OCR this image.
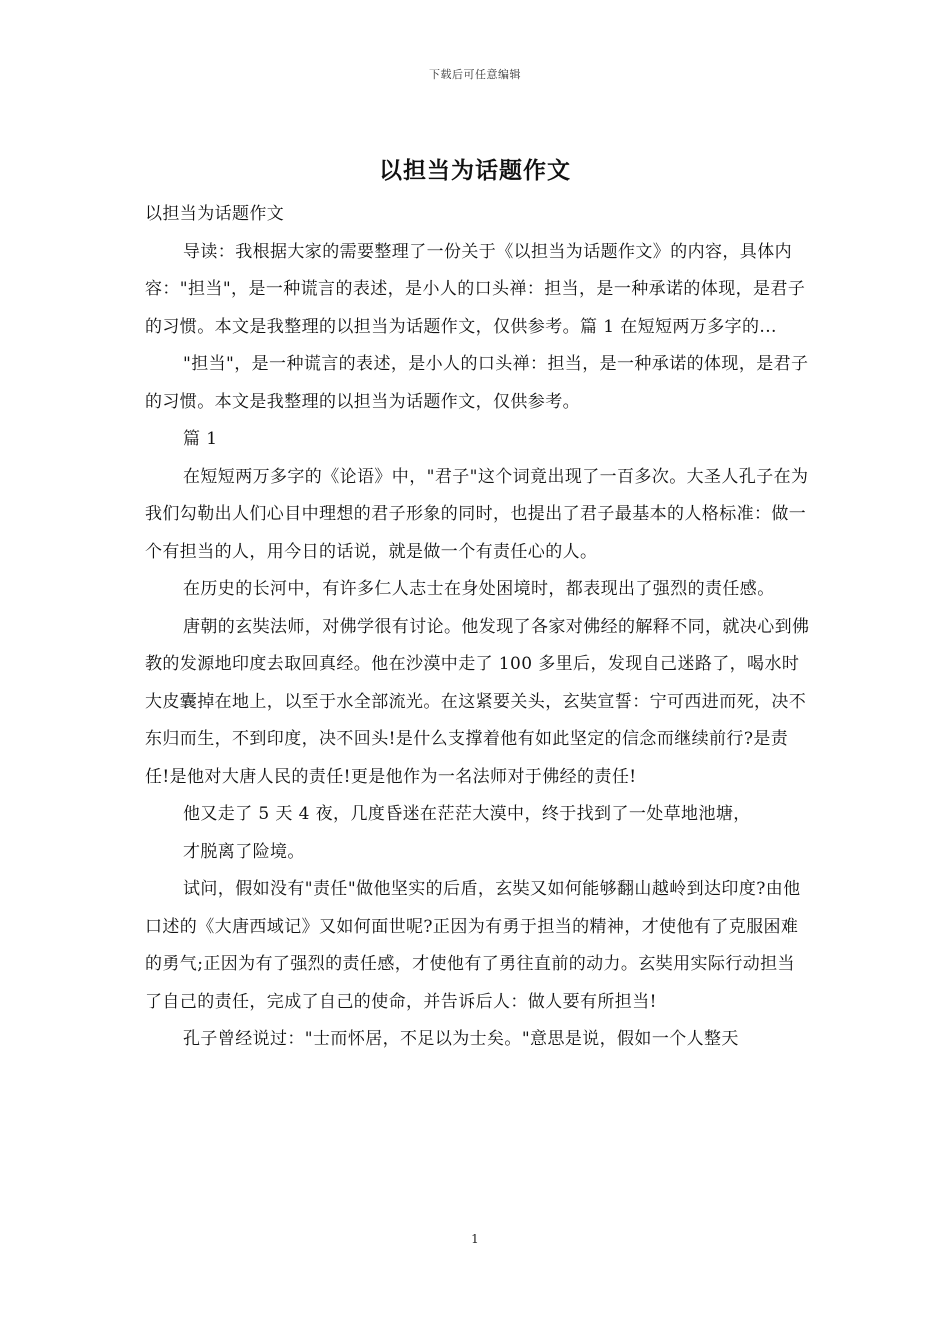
下载后可任意编辑
以担当为话题作文

以担当为话题作文

导读：我根据大家的需要整理了一份关于《以担当为话题作文》的内容，具体内容："担当"，是一种谎言的表述，是小人的口头禅：担当，是一种承诺的体现，是君子的习惯。本文是我整理的以担当为话题作文，仅供参考。篇 1 在短短两万多字的...

"担当"，是一种谎言的表述，是小人的口头禅：担当，是一种承诺的体现，是君子的习惯。本文是我整理的以担当为话题作文，仅供参考。

篇 1

在短短两万多字的《论语》中，"君子"这个词竟出现了一百多次。大圣人孔子在为我们勾勒出人们心目中理想的君子形象的同时，也提出了君子最基本的人格标准：做一个有担当的人，用今日的话说，就是做一个有责任心的人。

在历史的长河中，有许多仁人志士在身处困境时，都表现出了强烈的责任感。

唐朝的玄奘法师，对佛学很有讨论。他发现了各家对佛经的解释不同，就决心到佛教的发源地印度去取回真经。他在沙漠中走了 100 多里后，发现自己迷路了，喝水时大皮囊掉在地上，以至于水全部流光。在这紧要关头，玄奘宣誓：宁可西进而死，决不东归而生，不到印度，决不回头!是什么支撑着他有如此坚定的信念而继续前行?是责任!是他对大唐人民的责任!更是他作为一名法师对于佛经的责任!

他又走了 5 天 4 夜，几度昏迷在茫茫大漠中，终于找到了一处草地池塘，

才脱离了险境。

试问，假如没有"责任"做他坚实的后盾，玄奘又如何能够翻山越岭到达印度?由他口述的《大唐西域记》又如何面世呢?正因为有勇于担当的精神，才使他有了克服困难的勇气;正因为有了强烈的责任感，才使他有了勇往直前的动力。玄奘用实际行动担当了自己的责任，完成了自己的使命，并告诉后人：做人要有所担当!

孔子曾经说过："士而怀居，不足以为士矣。"意思是说，假如一个人整天

1
